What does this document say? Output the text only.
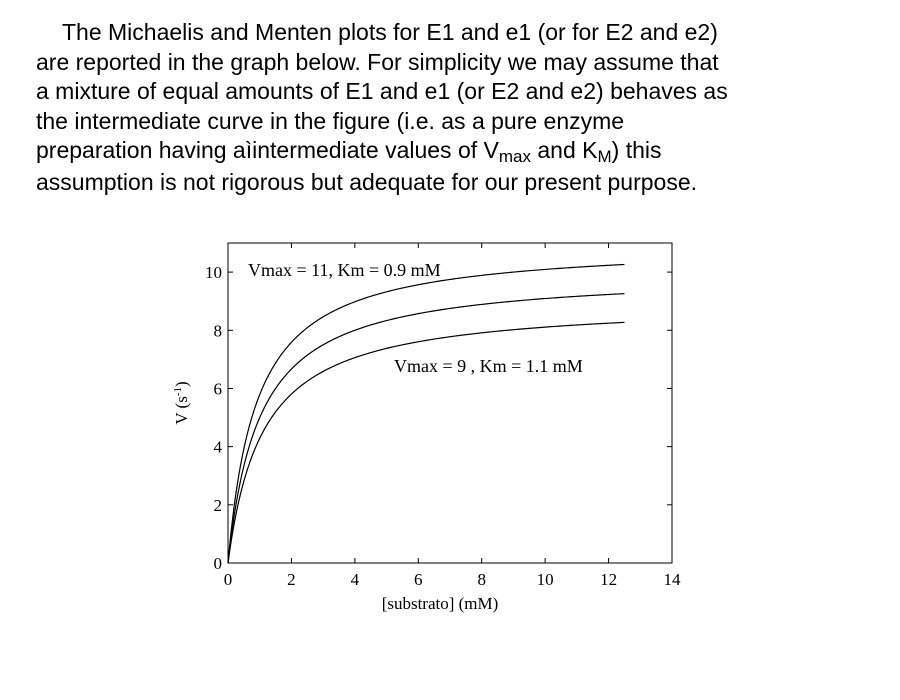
The Michaelis and Menten plots for E1 and e1 (or for E2 and e2)
are reported in the graph below. For simplicity we may assume that
a mixture of equal amounts of E1 and e1 (or E2 and e2) behaves as
the intermediate curve in the figure (i.e. as a pure enzyme
preparation having aìintermediate values of Vmax and KM) this
assumption is not rigorous but adequate for our present purpose.
0	2	4	6	8	10	12	14
0
2
4
6
8
10
[substrato] (mM)
V $(s^{-1})$
Vmax = 11, Km = 0.9 mM
Vmax = 9 , Km = 1.1 mM
